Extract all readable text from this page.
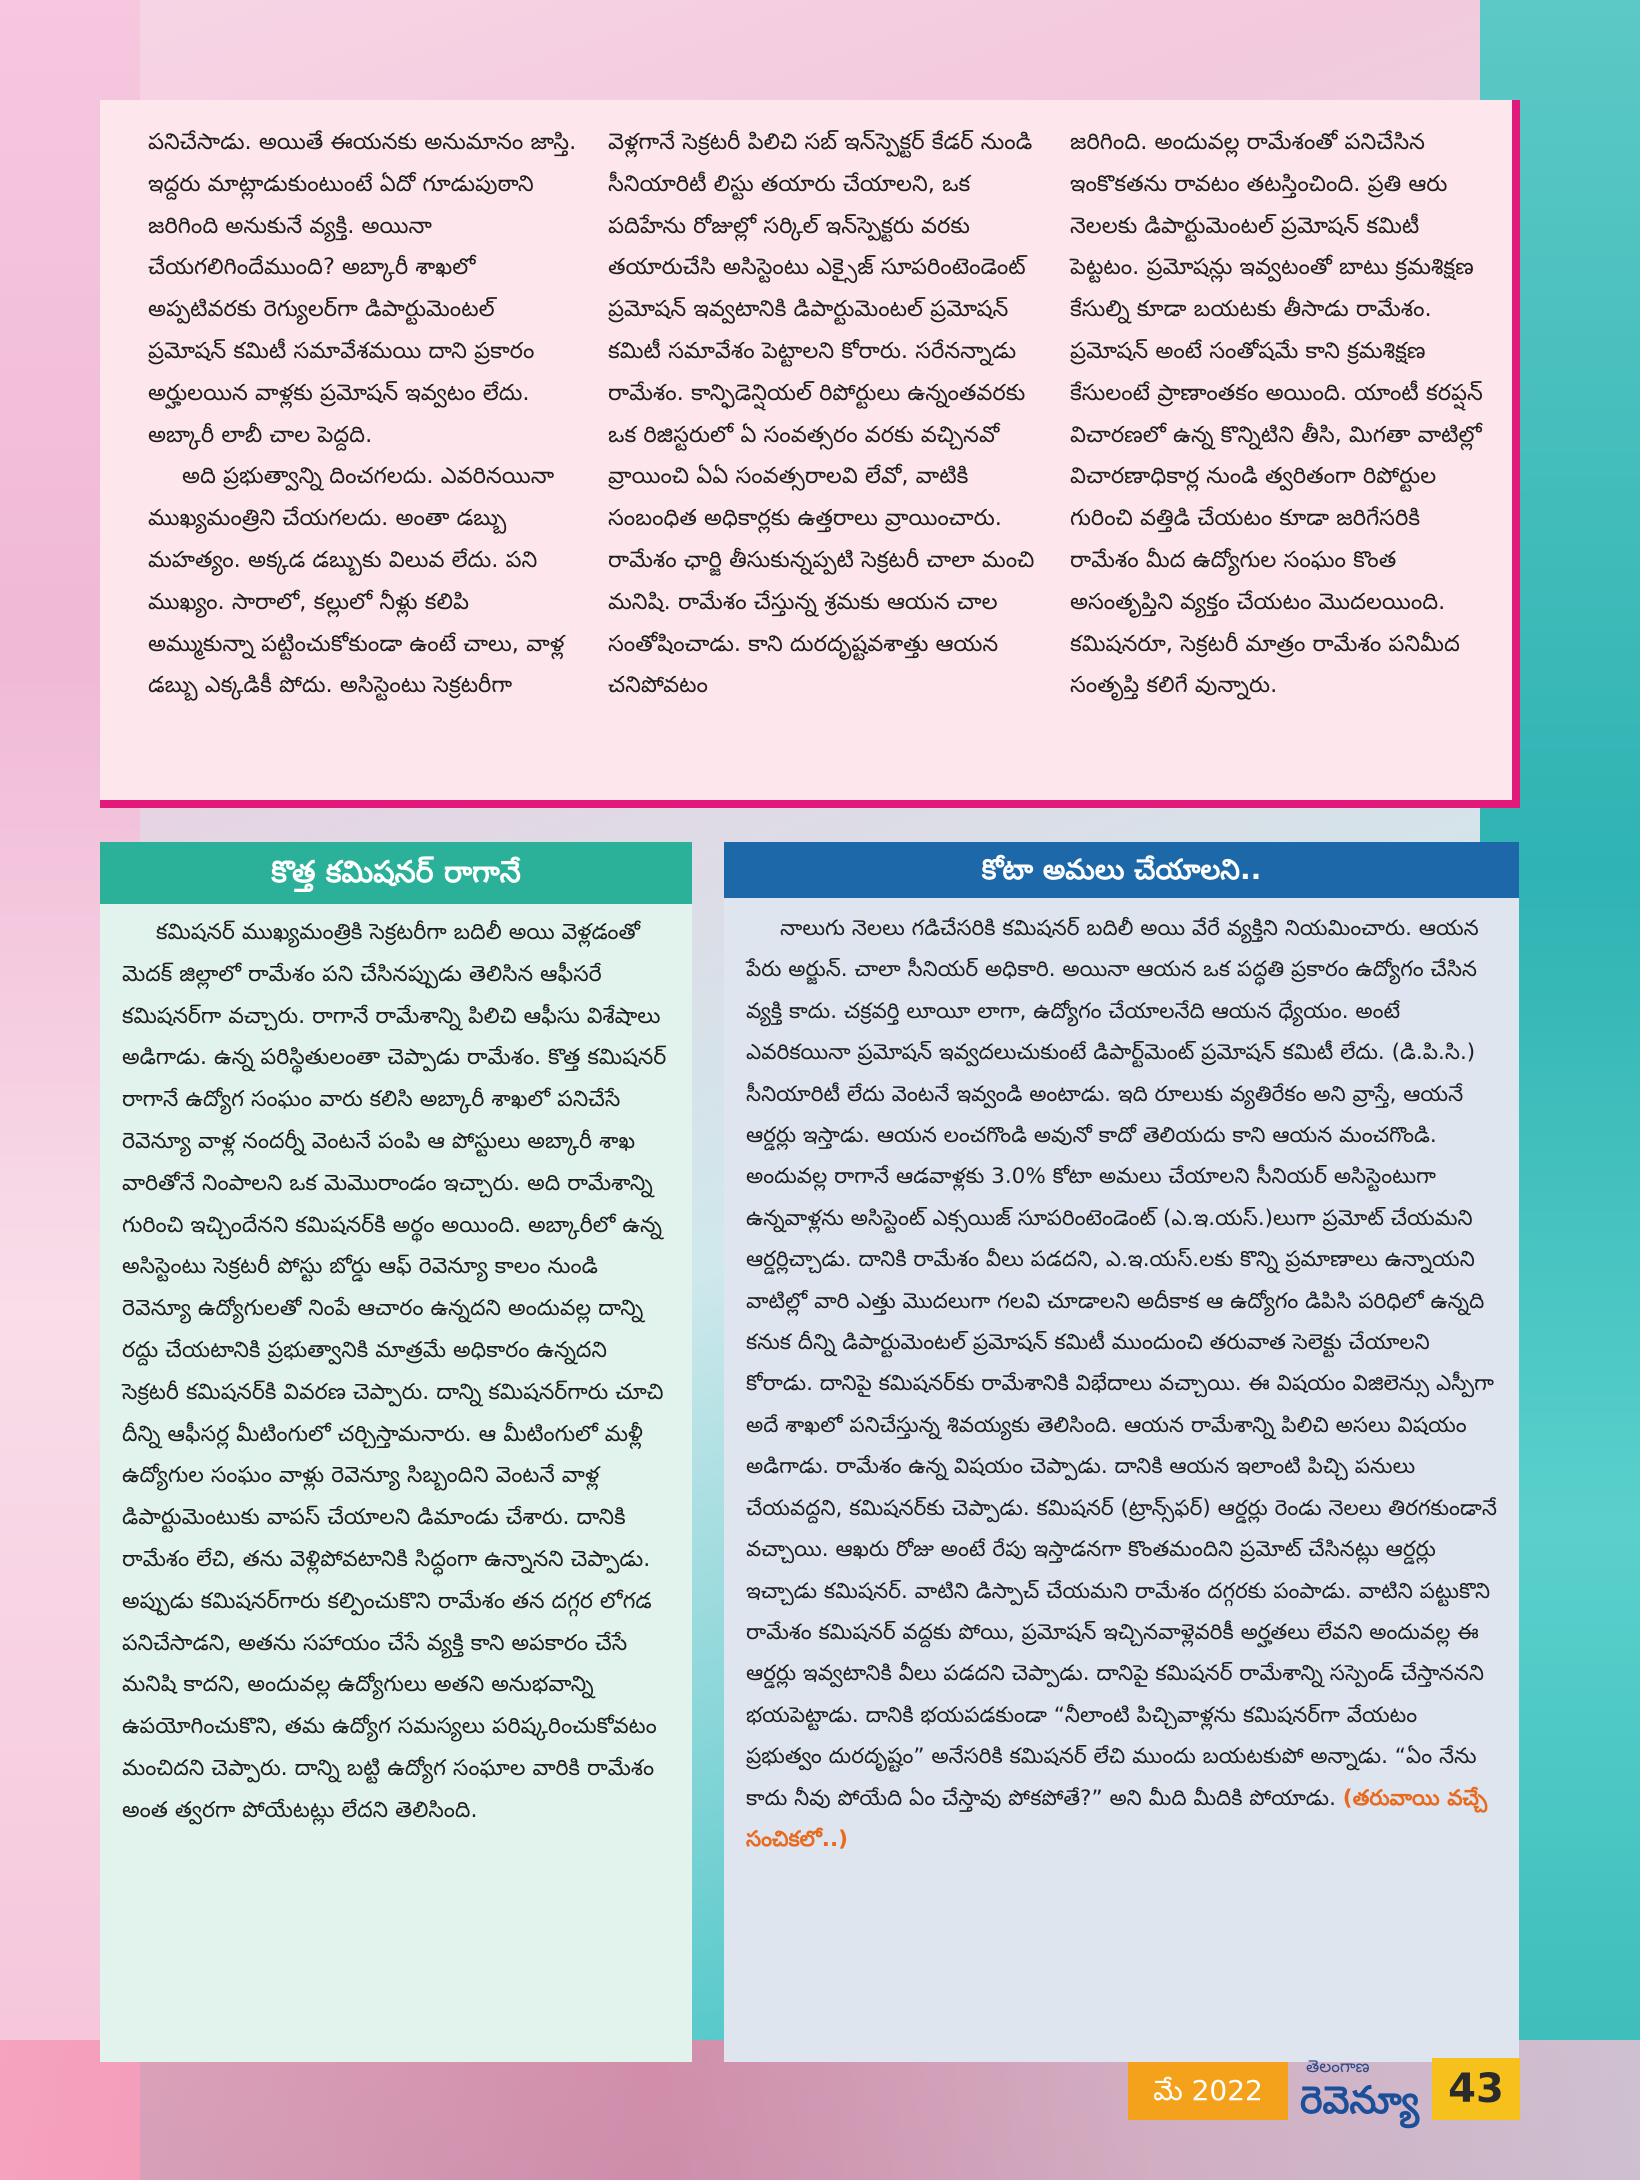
పనిచేసాడు. అయితే ఈయనకు అనుమానం జాస్తి. ఇద్దరు మాట్లాడుకుంటుంటే ఏదో గూడుపుఠాని జరిగింది అనుకునే వ్యక్తి. అయినా చేయగలిగిందేముంది? అబ్కారీ శాఖలో అప్పటివరకు రెగ్యులర్‌గా డిపార్టుమెంటల్ ప్రమోషన్ కమిటీ సమావేశమయి దాని ప్రకారం అర్హులయిన వాళ్లకు ప్రమోషన్ ఇవ్వటం లేదు. అబ్కారీ లాబీ చాల పెద్దది.

అది ప్రభుత్వాన్ని దించగలదు. ఎవరినయినా ముఖ్యమంత్రిని చేయగలదు. అంతా డబ్బు మహత్యం. అక్కడ డబ్బుకు విలువ లేదు. పని ముఖ్యం. సారాలో, కల్లులో నీళ్లు కలిపి అమ్ముకున్నా పట్టించుకోకుండా ఉంటే చాలు, వాళ్ల డబ్బు ఎక్కడికీ పోదు. అసిస్టెంటు సెక్రటరీగా

వెళ్లగానే సెక్రటరీ పిలిచి సబ్ ఇన్‌స్పెక్టర్ కేడర్ నుండి సీనియారిటీ లిస్టు తయారు చేయాలని, ఒక పదిహేను రోజుల్లో సర్కిల్ ఇన్‌స్పెక్టరు వరకు తయారుచేసి అసిస్టెంటు ఎక్సైజ్ సూపరింటెండెంట్ ప్రమోషన్ ఇవ్వటానికి డిపార్టుమెంటల్ ప్రమోషన్ కమిటీ సమావేశం పెట్టాలని కోరారు. సరేనన్నాడు రామేశం. కాన్ఫిడెన్షియల్ రిపోర్టులు ఉన్నంతవరకు ఒక రిజిస్టరులో ఏ సంవత్సరం వరకు వచ్చినవో వ్రాయించి ఏఏ సంవత్సరాలవి లేవో, వాటికి సంబంధిత అధికార్లకు ఉత్తరాలు వ్రాయించారు. రామేశం ఛార్జి తీసుకున్నప్పటి సెక్రటరీ చాలా మంచి మనిషి. రామేశం చేస్తున్న శ్రమకు ఆయన చాల సంతోషించాడు. కాని దురదృష్టవశాత్తు ఆయన చనిపోవటం

జరిగింది. అందువల్ల రామేశంతో పనిచేసిన ఇంకొకతను రావటం తటస్తించింది. ప్రతి ఆరు నెలలకు డిపార్టుమెంటల్ ప్రమోషన్ కమిటీ పెట్టటం. ప్రమోషన్లు ఇవ్వటంతో బాటు క్రమశిక్షణ కేసుల్ని కూడా బయటకు తీసాడు రామేశం. ప్రమోషన్ అంటే సంతోషమే కాని క్రమశిక్షణ కేసులంటే ప్రాణాంతకం అయింది. యాంటీ కరప్షన్ విచారణలో ఉన్న కొన్నిటిని తీసి, మిగతా వాటిల్లో విచారణాధికార్ల నుండి త్వరితంగా రిపోర్టుల గురించి వత్తిడి చేయటం కూడా జరిగేసరికి రామేశం మీద ఉద్యోగుల సంఘం కొంత అసంతృప్తిని వ్యక్తం చేయటం మొదలయింది. కమిషనరూ, సెక్రటరీ మాత్రం రామేశం పనిమీద సంతృప్తి కలిగే వున్నారు.

కొత్త కమిషనర్ రాగానే

కమిషనర్ ముఖ్యమంత్రికి సెక్రటరీగా బదిలీ అయి వెళ్లడంతో మెదక్ జిల్లాలో రామేశం పని చేసినప్పుడు తెలిసిన ఆఫీసరే కమిషనర్‌గా వచ్చారు. రాగానే రామేశాన్ని పిలిచి ఆఫీసు విశేషాలు అడిగాడు. ఉన్న పరిస్థితులంతా చెప్పాడు రామేశం. కొత్త కమిషనర్ రాగానే ఉద్యోగ సంఘం వారు కలిసి అబ్కారీ శాఖలో పనిచేసే రెవెన్యూ వాళ్ల నందర్నీ వెంటనే పంపి ఆ పోస్టులు అబ్కారీ శాఖ వారితోనే నింపాలని ఒక మెమొరాండం ఇచ్చారు. అది రామేశాన్ని గురించి ఇచ్చిందేనని కమిషనర్‌కి అర్థం అయింది. అబ్కారీలో ఉన్న అసిస్టెంటు సెక్రటరీ పోస్టు బోర్డు ఆఫ్ రెవెన్యూ కాలం నుండి రెవెన్యూ ఉద్యోగులతో నింపే ఆచారం ఉన్నదని అందువల్ల దాన్ని రద్దు చేయటానికి ప్రభుత్వానికి మాత్రమే అధికారం ఉన్నదని సెక్రటరీ కమిషనర్‌కి వివరణ చెప్పారు. దాన్ని కమిషనర్‌గారు చూచి దీన్ని ఆఫీసర్ల మీటింగులో చర్చిస్తామనారు. ఆ మీటింగులో మళ్లీ ఉద్యోగుల సంఘం వాళ్లు రెవెన్యూ సిబ్బందిని వెంటనే వాళ్ల డిపార్టుమెంటుకు వాపస్ చేయాలని డిమాండు చేశారు. దానికి రామేశం లేచి, తను వెళ్లిపోవటానికి సిద్ధంగా ఉన్నానని చెప్పాడు. అప్పుడు కమిషనర్‌గారు కల్పించుకొని రామేశం తన దగ్గర లోగడ పనిచేసాడని, అతను సహాయం చేసే వ్యక్తి కాని అపకారం చేసే మనిషి కాదని, అందువల్ల ఉద్యోగులు అతని అనుభవాన్ని ఉపయోగించుకొని, తమ ఉద్యోగ సమస్యలు పరిష్కరించుకోవటం మంచిదని చెప్పారు. దాన్ని బట్టి ఉద్యోగ సంఘాల వారికి రామేశం అంత త్వరగా పోయేటట్లు లేదని తెలిసింది.

కోటా అమలు చేయాలని..

నాలుగు నెలలు గడిచేసరికి కమిషనర్ బదిలీ అయి వేరే వ్యక్తిని నియమించారు. ఆయన పేరు అర్జున్. చాలా సీనియర్ అధికారి. అయినా ఆయన ఒక పద్ధతి ప్రకారం ఉద్యోగం చేసిన వ్యక్తి కాదు. చక్రవర్తి లూయీ లాగా, ఉద్యోగం చేయాలనేది ఆయన ధ్యేయం. అంటే ఎవరికయినా ప్రమోషన్ ఇవ్వదలుచుకుంటే డిపార్ట్‌మెంట్ ప్రమోషన్ కమిటీ లేదు. (డి.పి.సి.) సీనియారిటీ లేదు వెంటనే ఇవ్వండి అంటాడు. ఇది రూలుకు వ్యతిరేకం అని వ్రాస్తే, ఆయనే ఆర్డర్లు ఇస్తాడు. ఆయన లంచగొండి అవునో కాదో తెలియదు కాని ఆయన మంచగొండి. అందువల్ల రాగానే ఆడవాళ్లకు 3.0% కోటా అమలు చేయాలని సీనియర్ అసిస్టెంటుగా ఉన్నవాళ్లను అసిస్టెంట్ ఎక్సయిజ్ సూపరింటెండెంట్ (ఎ.ఇ.యస్.)లుగా ప్రమోట్ చేయమని ఆర్డర్లిచ్చాడు. దానికి రామేశం వీలు పడదని, ఎ.ఇ.యస్.లకు కొన్ని ప్రమాణాలు ఉన్నాయని వాటిల్లో వారి ఎత్తు మొదలుగా గలవి చూడాలని అదీకాక ఆ ఉద్యోగం డిపిసి పరిధిలో ఉన్నది కనుక దీన్ని డిపార్టుమెంటల్ ప్రమోషన్ కమిటీ ముందుంచి తరువాత సెలెక్టు చేయాలని కోరాడు. దానిపై కమిషనర్‌కు రామేశానికి విభేదాలు వచ్చాయి. ఈ విషయం విజిలెన్సు ఎస్పీగా అదే శాఖలో పనిచేస్తున్న శివయ్యకు తెలిసింది. ఆయన రామేశాన్ని పిలిచి అసలు విషయం అడిగాడు. రామేశం ఉన్న విషయం చెప్పాడు. దానికి ఆయన ఇలాంటి పిచ్చి పనులు చేయవద్దని, కమిషనర్‌కు చెప్పాడు. కమిషనర్ (ట్రాన్స్‌ఫర్) ఆర్డర్లు రెండు నెలలు తిరగకుండానే వచ్చాయి. ఆఖరు రోజు అంటే రేపు ఇస్తాడనగా కొంతమందిని ప్రమోట్ చేసినట్లు ఆర్డర్లు ఇచ్చాడు కమిషనర్. వాటిని డిస్పాచ్ చేయమని రామేశం దగ్గరకు పంపాడు. వాటిని పట్టుకొని రామేశం కమిషనర్ వద్దకు పోయి, ప్రమోషన్ ఇచ్చినవాళ్లెవరికీ అర్హతలు లేవని అందువల్ల ఈ ఆర్డర్లు ఇవ్వటానికి వీలు పడదని చెప్పాడు. దానిపై కమిషనర్ రామేశాన్ని సస్పెండ్ చేస్తాననని భయపెట్టాడు. దానికి భయపడకుండా “నీలాంటి పిచ్చివాళ్లను కమిషనర్‌గా వేయటం ప్రభుత్వం దురదృష్టం” అనేసరికి కమిషనర్ లేచి ముందు బయటకుపో అన్నాడు. “ఏం నేను కాదు నీవు పోయేది ఏం చేస్తావు పోకపోతే?” అని మీది మీదికి పోయాడు. (తరువాయి వచ్చే సంచికలో..)

మే 2022
తెలంగాణ
రెవెన్యూ 43
